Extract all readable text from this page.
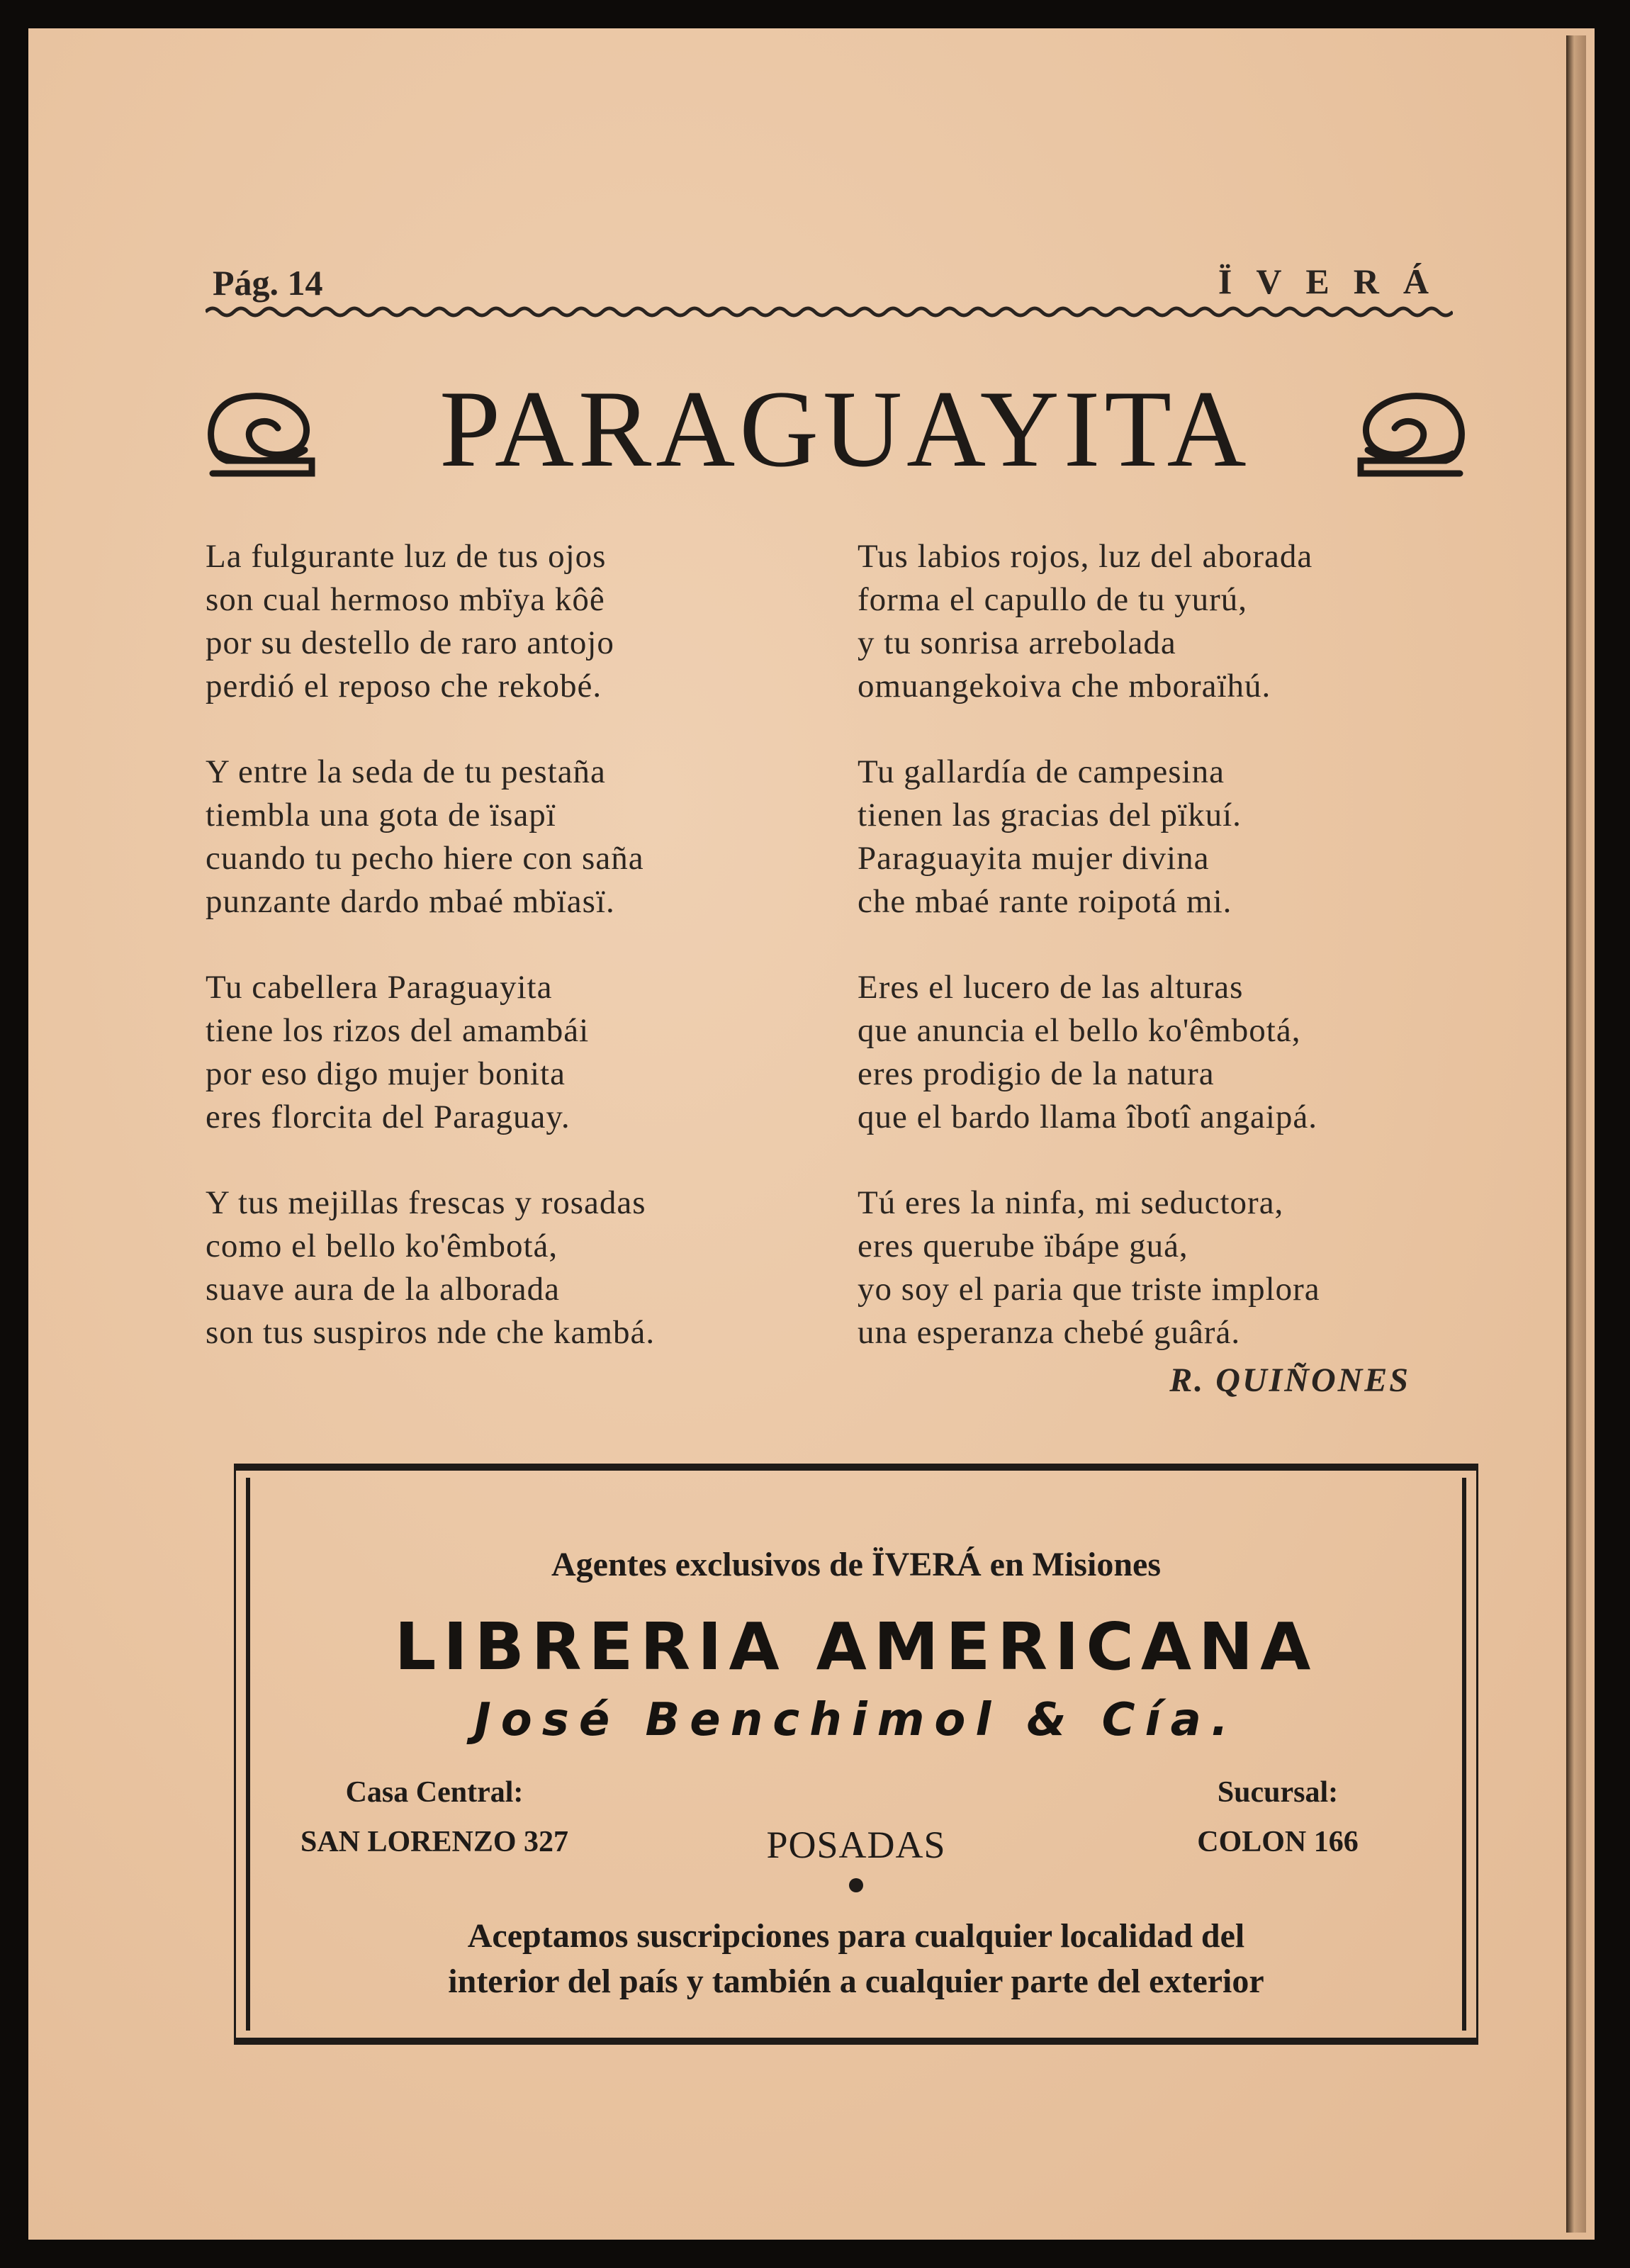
Pág. 14	ÏVERÁ
PARAGUAYITA
La fulgurante luz de tus ojos
son cual hermoso mbïya kôê
por su destello de raro antojo
perdió el reposo che rekobé.
Y entre la seda de tu pestaña
tiembla una gota de ïsapï
cuando tu pecho hiere con saña
punzante dardo mbaé mbïasï.
Tu cabellera Paraguayita
tiene los rizos del amambái
por eso digo mujer bonita
eres florcita del Paraguay.
Y tus mejillas frescas y rosadas
como el bello ko'êmbotá,
suave aura de la alborada
son tus suspiros nde che kambá.
Tus labios rojos, luz del aborada
forma el capullo de tu yurú,
y tu sonrisa arrebolada
omuangekoiva che mboraïhú.
Tu gallardía de campesina
tienen las gracias del pïkuí.
Paraguayita mujer divina
che mbaé rante roipotá mi.
Eres el lucero de las alturas
que anuncia el bello ko'êmbotá,
eres prodigio de la natura
que el bardo llama îbotî angaipá.
Tú eres la ninfa, mi seductora,
eres querube ïbápe guá,
yo soy el paria que triste implora
una esperanza chebé guârá.
R. QUIÑONES
Agentes exclusivos de ÏVERÁ en Misiones
LIBRERIA AMERICANA
José Benchimol & Cía.
Casa Central:
SAN LORENZO 327	POSADAS
Sucursal:
COLON 166
Aceptamos suscripciones para cualquier localidad del
interior del país y también a cualquier parte del exterior
